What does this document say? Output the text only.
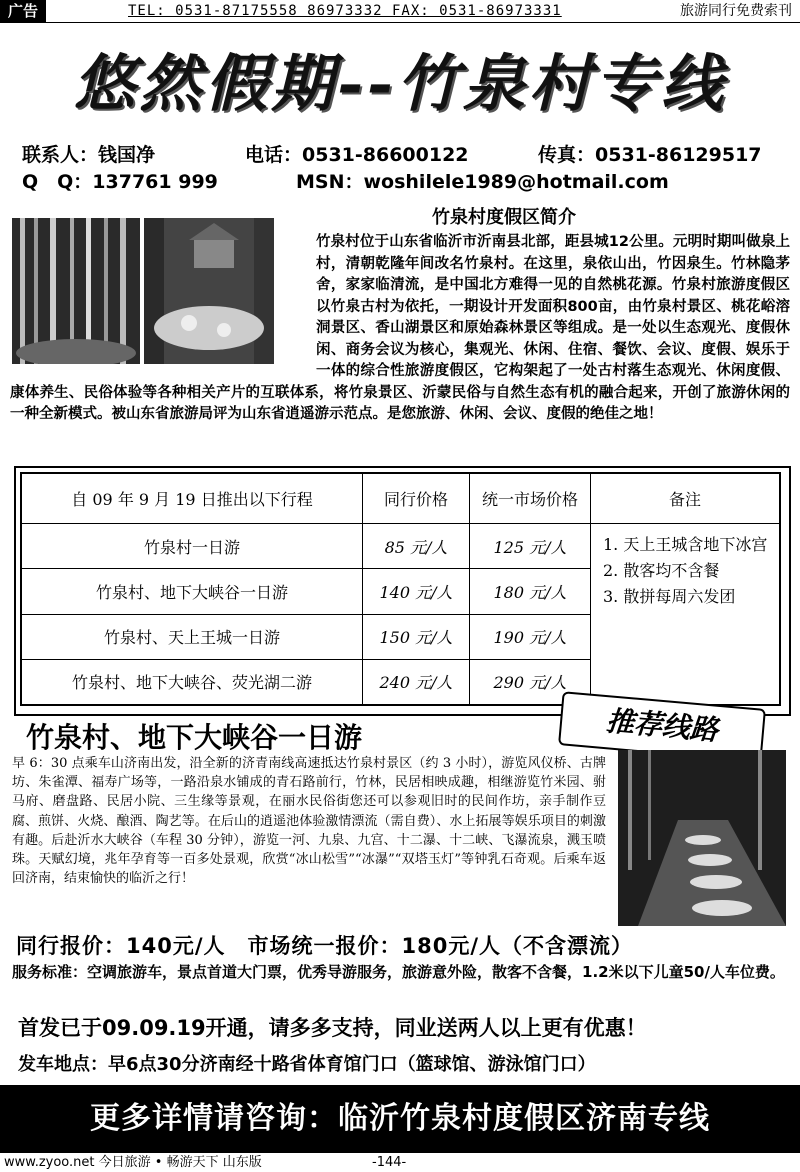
广告	TEL: 0531-87175558 86973332 FAX: 0531-86973331	旅游同行免费索刊
悠然假期--竹泉村专线
联系人：钱国净	电话：0531-86600122	传真：0531-86129517
Q　Q：137761 999	MSN：woshilele1989@hotmail.com
竹泉村度假区简介
竹泉村位于山东省临沂市沂南县北部，距县城12公里。元明时期叫做泉上村，清朝乾隆年间改名竹泉村。在这里，泉依山出，竹因泉生。竹林隐茅舍，家家临清流，是中国北方难得一见的自然桃花源。竹泉村旅游度假区以竹泉古村为依托，一期设计开发面积800亩，由竹泉村景区、桃花峪溶洞景区、香山湖景区和原始森林景区等组成。是一处以生态观光、度假休闲、商务会议为核心，集观光、休闲、住宿、餐饮、会议、度假、娱乐于一体的综合性旅游度假区，它构架起了一处古村落生态观光、休闲度假、康体养生、民俗体验等各种相关产片的互联体系，将竹泉景区、沂蒙民俗与自然生态有机的融合起来，开创了旅游休闲的一种全新模式。被山东省旅游局评为山东省逍遥游示范点。是您旅游、休闲、会议、度假的绝佳之地！
自 09 年 9 月 19 日推出以下行程	同行价格	统一市场价格	备注
竹泉村一日游	85 元/人	125 元/人	1. 天上王城含地下冰宫
2. 散客均不含餐
3. 散拼每周六发团

竹泉村、地下大峡谷一日游	140 元/人	180 元/人	
竹泉村、天上王城一日游	150 元/人	190 元/人	
竹泉村、地下大峡谷、荧光湖二游	240 元/人	290 元/人	
竹泉村、地下大峡谷一日游	推荐线路
早 6：30 点乘车山济南出发，沿全新的济青南线高速抵达竹泉村景区（约 3 小时），游览风仪桥、古牌坊、朱雀潭、福寿广场等，一路沿泉水铺成的青石路前行，竹林，民居相映成趣，相继游览竹米园、驸马府、磨盘路、民居小院、三生缘等景观，在丽水民俗街您还可以参观旧时的民间作坊，亲手制作豆腐、煎饼、火烧、酿酒、陶艺等。在后山的逍遥池体验激情漂流（需自费）、水上拓展等娱乐项目的刺激有趣。后赴沂水大峡谷（车程 30 分钟），游览一河、九泉、九宫、十二瀑、十二峡、飞瀑流泉，溅玉喷珠。天赋幻境，兆年孕育等一百多处景观，欣赏“冰山松雪”“冰瀑”“双塔玉灯”等钟乳石奇观。后乘车返回济南，结束愉快的临沂之行！
同行报价：140元/人　市场统一报价：180元/人（不含漂流）
服务标准：空调旅游车，景点首道大门票，优秀导游服务，旅游意外险，散客不含餐，1.2米以下儿童50/人车位费。
首发已于09.09.19开通，请多多支持，同业送两人以上更有优惠！
发车地点：早6点30分济南经十路省体育馆门口（篮球馆、游泳馆门口）
更多详情请咨询：临沂竹泉村度假区济南专线
www.zyoo.net 今日旅游 • 畅游天下 山东版	-144-
